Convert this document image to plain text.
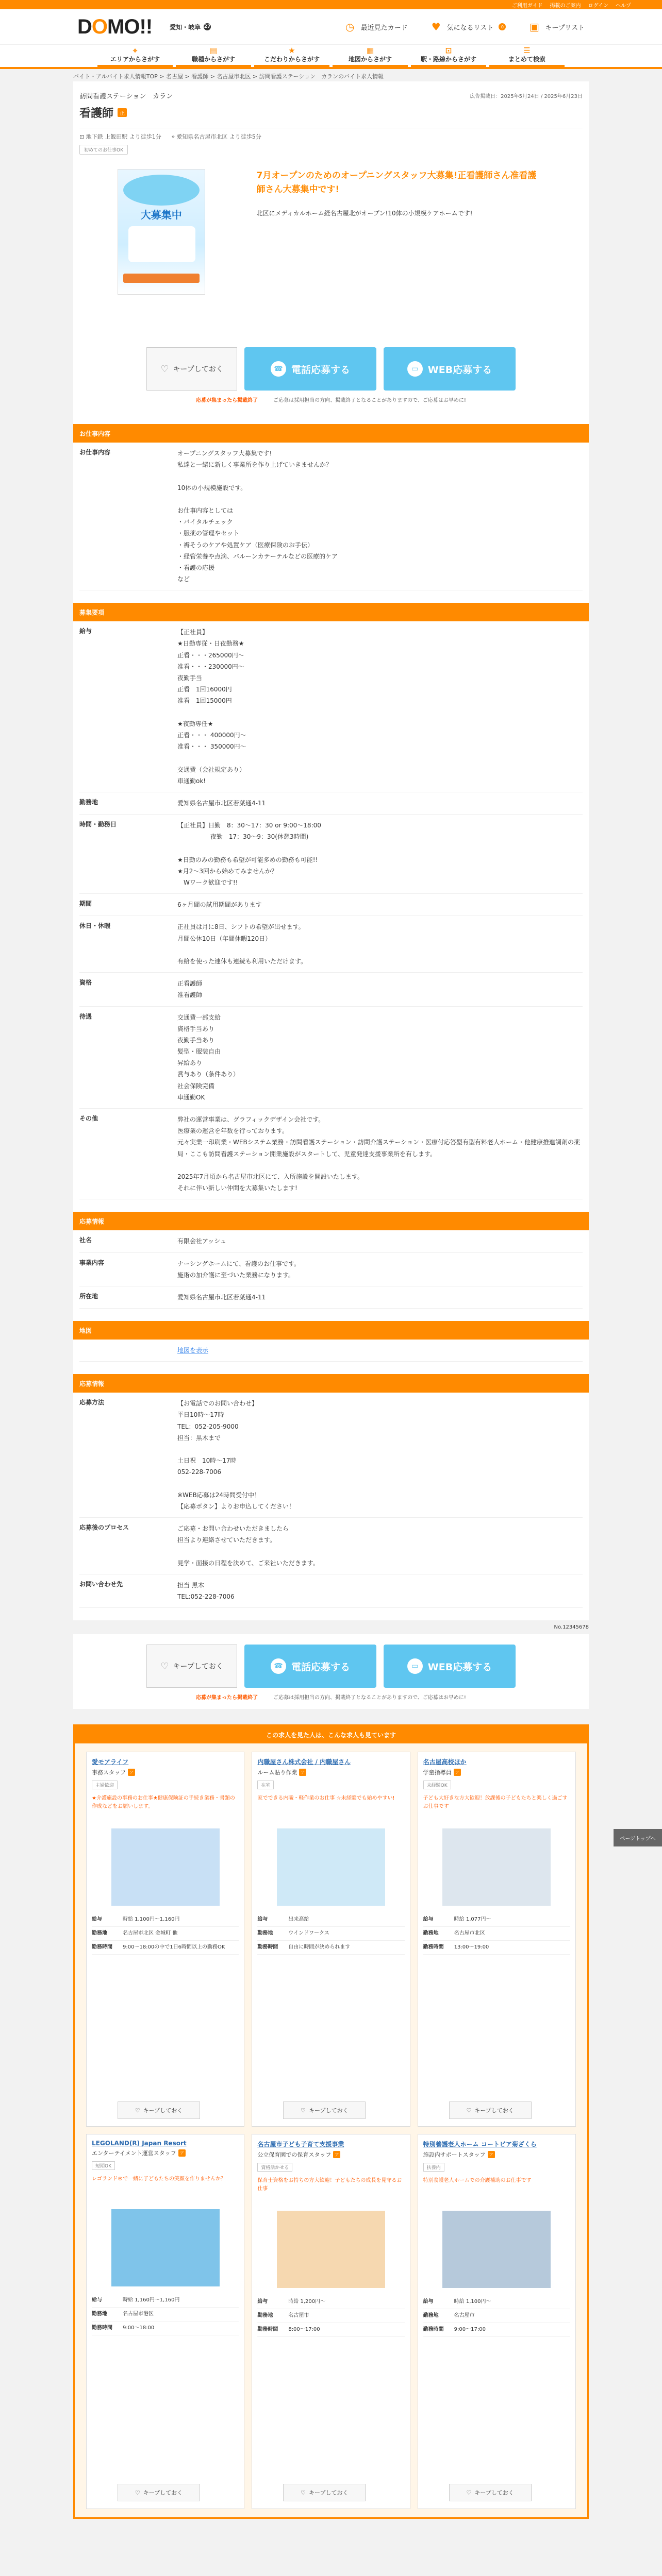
ご利用ガイド 掲載のご案内 ログイン ヘルプ
D O MO!!	愛知・岐阜 27	◷ 最近見たカード ♥ 気になるリスト	0	▣ キープリスト
⌖
エリアからさがす
▤
職種からさがす
★
こだわりからさがす
▦
地図からさがす
⊡
駅・路線からさがす
☰
まとめて検索
バイト・アルバイト求人情報TOP > 名古屋 > 看護師 > 名古屋市北区 > 訪問看護ステーション　カランのバイト求人情報
訪問看護ステーション　カラン	広告掲載日：2025年5月24日 / 2025年6月23日
看護師	正
⊡ 地下鉄 上飯田駅 より徒歩1分 ⌖ 愛知県名古屋市北区 より徒歩5分
初めてのお仕事OK
大募集中
7月オープンのためのオープニングスタッフ大募集!正看護師さん准看護師さん大募集中です!
北区にメディカルホーム経名古屋北がオープン!10体の小規模ケアホームです!
♡ キープしておく	☎ 電話応募する	▭ WEB応募する
応募が集まったら掲載終了	ご応募は採用担当の方向、掲載終了となることがありますので、ご応募はお早めに!
お仕事内容
お仕事内容	オープニングスタッフ大募集です!
私達と一緒に新しく事業所を作り上げていきませんか？

10体の小規模施設です。

お仕事内容としては
・バイタルチェック
・服薬の管理やセット
・褥そうのケアや処置ケア（医療保険のお手伝）
・経管栄養や点滴、バルーンカテーテルなどの医療的ケア
・看護の応援
など
募集要項
給与	【正社員】
★日勤専従・日夜勤務★
正看・・・265000円～
准看・・・230000円～
夜勤手当
正看　1回16000円
准看　1回15000円

★夜勤専任★
正看・・・ 400000円～
准看・・・ 350000円～

交通費（会社規定あり）
車通勤ok!
勤務地	愛知県名古屋市北区若葉通4-11
時間・勤務日	【正社員】日勤　8：30～17：30 or 9:00～18:00
　　　　　 夜勤　17：30～9：30(休憩3時間)

★日勤のみの勤務も希望が可能多めの勤務も可能!!
★月2～3回から始めてみませんか？
　Wワーク歓迎です!!
期間	6ヶ月間の試用期間があります
休日・休暇	正社員は月に8日、シフトの希望が出せます。
月間公休10日（年間休暇120日）

有給を使った連休も連続も利用いただけます。
資格	正看護師
准看護師
待遇	交通費一部支給
資格手当あり
夜勤手当あり
髪型・服装自由
昇給あり
賞与あり（条件あり）
社会保険完備
車通勤OK
その他	弊社の運営事業は、グラフィックデザイン会社です。
医療業の運営を年数を行っております。
元々実業一印刷業・WEBシステム業務・訪問看護ステーション・訪問介護ステーション・医療付応答型有型有料老人ホーム・他健康推進調剤の薬局・ここも訪問看護ステーション開業施設がスタートして、児童発達支援事業所を有します。

2025年7月頃から名古屋市北区にて、入所施設を開設いたします。
それに伴い新しい仲間を大募集いたします!
応募情報
社名	有限会社アッシュ
事業内容	ナーシングホームにて、看護のお仕事です。
施術の加介護に至づいた業務になります。
所在地	愛知県名古屋市北区若葉通4-11
地図
地図を表示
応募情報
応募方法	【お電話でのお問い合わせ】
平日10時～17時
TEL：052-205-9000
担当：黒木まで

土日祝　10時～17時
052-228-7006

※WEB応募は24時間受付中！
【応募ボタン】よりお申込してください！
応募後のプロセス	ご応募・お問い合わせいただきましたら
担当より連絡させていただきます。

見学・面接の日程を決めて、ご来社いただきます。
お問い合わせ先	担当 黒木
TEL:052-228-7006
No.12345678
♡ キープしておく	☎ 電話応募する	▭ WEB応募する
応募が集まったら掲載終了	ご応募は採用担当の方向、掲載終了となることがありますので、ご応募はお早めに!
この求人を見た人は、こんな求人も見ています
愛モアライフ
事務スタッフ ア
主婦歓迎
★介護施設の事務のお仕事★健康保険証の手続き業務・書類の作成などをお願いします。
給与	時給 1,100円～1,160円
勤務地	名古屋市北区 金城町 他
勤務時間	9:00～18:00の中で1日6時間以上の勤務OK
♡ キープしておく
内職屋さん株式会社 / 内職屋さん
ルーム貼り作業 ア
在宅
家でできる内職・軽作業のお仕事 ☆未経験でも始めやすい!
給与	出来高給
勤務地	ウインドワークス
勤務時間	自由に時間が決められます
♡ キープしておく
名古屋高校ほか
学童指導員 ア
未経験OK
子ども大好きな方大歓迎！放課後の子どもたちと楽しく過ごすお仕事です
給与	時給 1,077円～
勤務地	名古屋市北区
勤務時間	13:00～19:00
♡ キープしておく
LEGOLAND(R) Japan Resort
エンターテイメント運営スタッフ ア
短期OK
レゴランド®で一緒に子どもたちの笑顔を作りませんか？
給与	時給 1,160円～1,160円
勤務地	名古屋市港区
勤務時間	9:00～18:00
♡ キープしておく
名古屋市子ども子育て支援事業
公立保育園での保育スタッフ ア
資格活かせる
保育士資格をお持ちの方大歓迎！子どもたちの成長を見守るお仕事
給与	時給 1,200円～
勤務地	名古屋市
勤務時間	8:00～17:00
♡ キープしておく
特別養護老人ホーム コートビア菊ざくら
施設内サポートスタッフ ア
扶養内
特別養護老人ホームでの介護補助のお仕事です
給与	時給 1,100円～
勤務地	名古屋市
勤務時間	9:00～17:00
♡ キープしておく
ページトップへ
